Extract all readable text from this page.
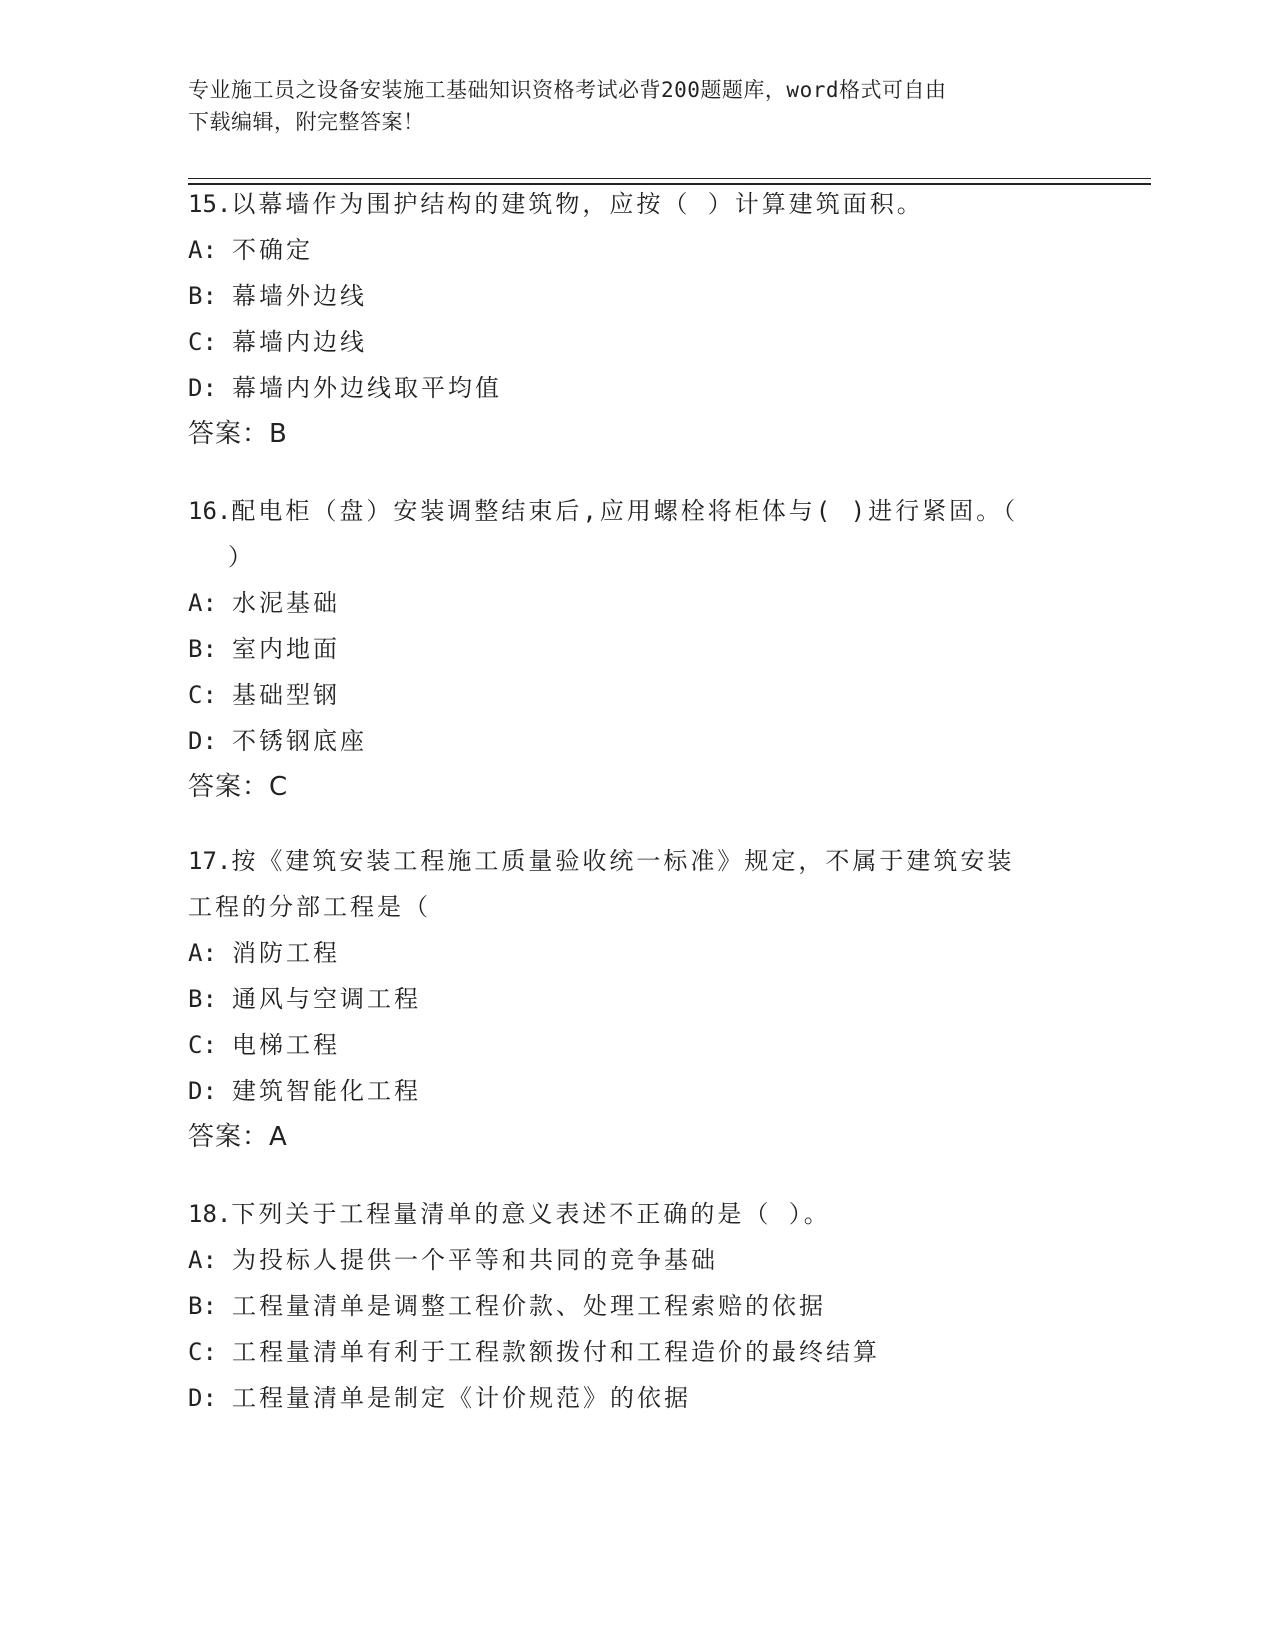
专业施工员之设备安装施工基础知识资格考试必背200题题库，word格式可自由
下载编辑，附完整答案！
15.以幕墙作为围护结构的建筑物，应按（ ）计算建筑面积。
A: 不确定
B: 幕墙外边线
C: 幕墙内边线
D: 幕墙内外边线取平均值
答案：B
16.配电柜（盘）安装调整结束后,应用螺栓将柜体与( )进行紧固。（
）
A: 水泥基础
B: 室内地面
C: 基础型钢
D: 不锈钢底座
答案：C
17.按《建筑安装工程施工质量验收统一标准》规定，不属于建筑安装
工程的分部工程是（
A: 消防工程
B: 通风与空调工程
C: 电梯工程
D: 建筑智能化工程
答案：A
18.下列关于工程量清单的意义表述不正确的是（ ）。
A: 为投标人提供一个平等和共同的竞争基础
B: 工程量清单是调整工程价款、处理工程索赔的依据
C: 工程量清单有利于工程款额拨付和工程造价的最终结算
D: 工程量清单是制定《计价规范》的依据
